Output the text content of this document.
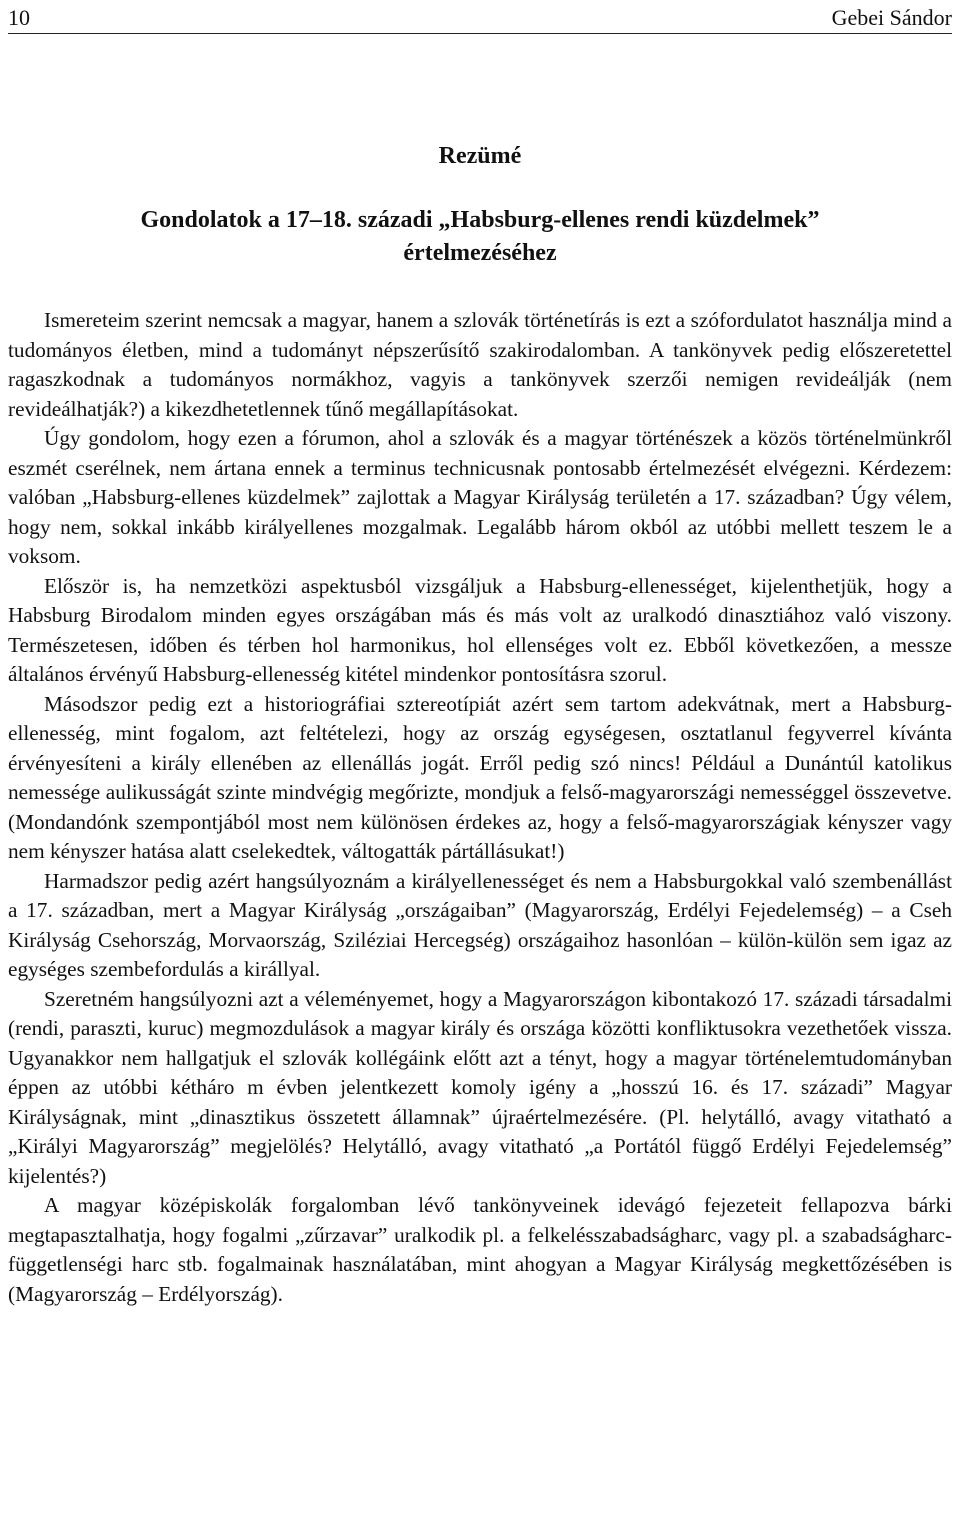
10	Gebei Sándor
Rezümé
Gondolatok a 17–18. századi „Habsburg-ellenes rendi küzdelmek”
értelmezéséhez

Ismereteim szerint nemcsak a magyar, hanem a szlovák történetírás is ezt a szófordulatot használja mind a tudományos életben, mind a tudományt népszerűsítő szakirodalomban. A tankönyvek pedig előszeretettel ragaszkodnak a tudományos normákhoz, vagyis a tankönyvek szerzői nemigen revideálják (nem revideálhatják?) a kikezdhetetlennek tűnő megállapításokat.

Úgy gondolom, hogy ezen a fórumon, ahol a szlovák és a magyar történészek a közös történelmünkről eszmét cserélnek, nem ártana ennek a terminus technicusnak pontosabb értelmezését elvégezni. Kérdezem: valóban „Habsburg-ellenes küzdelmek” zajlottak a Magyar Királyság területén a 17. században? Úgy vélem, hogy nem, sokkal inkább királyellenes mozgalmak. Legalább három okból az utóbbi mellett teszem le a voksom.

Először is, ha nemzetközi aspektusból vizsgáljuk a Habsburg-ellenességet, kijelenthetjük, hogy a Habsburg Birodalom minden egyes országában más és más volt az uralkodó dinasztiához való viszony. Természetesen, időben és térben hol harmonikus, hol ellenséges volt ez. Ebből következően, a messze általános érvényű Habsburg-ellenesség kitétel mindenkor pontosításra szorul.

Másodszor pedig ezt a historiográfiai sztereotípiát azért sem tartom adekvátnak, mert a Habsburg-ellenesség, mint fogalom, azt feltételezi, hogy az ország egységesen, osztatlanul fegyverrel kívánta érvényesíteni a király ellenében az ellenállás jogát. Erről pedig szó nincs! Például a Dunántúl katolikus nemessége aulikusságát szinte mindvégig megőrizte, mondjuk a felső-magyarországi nemességgel összevetve. (Mondandónk szempontjából most nem különösen érdekes az, hogy a felső-magyarországiak kényszer vagy nem kényszer hatása alatt cselekedtek, váltogatták pártállásukat!)

Harmadszor pedig azért hangsúlyoznám a királyellenességet és nem a Habsburgokkal való szembenállást a 17. században, mert a Magyar Királyság „országaiban” (Magyarország, Erdélyi Fejedelemség) – a Cseh Királyság Csehország, Morvaország, Sziléziai Hercegség) országaihoz hasonlóan – külön-külön sem igaz az egységes szembefordulás a királlyal.

Szeretném hangsúlyozni azt a véleményemet, hogy a Magyarországon kibontakozó 17. századi társadalmi (rendi, paraszti, kuruc) megmozdulások a magyar király és országa közötti konfliktusokra vezethetőek vissza. Ugyanakkor nem hallgatjuk el szlovák kollégáink előtt azt a tényt, hogy a magyar történelemtudományban éppen az utóbbi kétháro m évben jelentkezett komoly igény a „hosszú 16. és 17. századi” Magyar Királyságnak, mint „dinasztikus összetett államnak” újraértelmezésére. (Pl. helytálló, avagy vitatható a „Királyi Magyarország” megjelölés? Helytálló, avagy vitatható „a Portától függő Erdélyi Fejedelemség” kijelentés?)

A magyar középiskolák forgalomban lévő tankönyveinek idevágó fejezeteit fellapozva bárki megtapasztalhatja, hogy fogalmi „zűrzavar” uralkodik pl. a felkelésszabadságharc, vagy pl. a szabadságharc-függetlenségi harc stb. fogalmainak használatában, mint ahogyan a Magyar Királyság megkettőzésében is (Magyarország – Erdélyország).
